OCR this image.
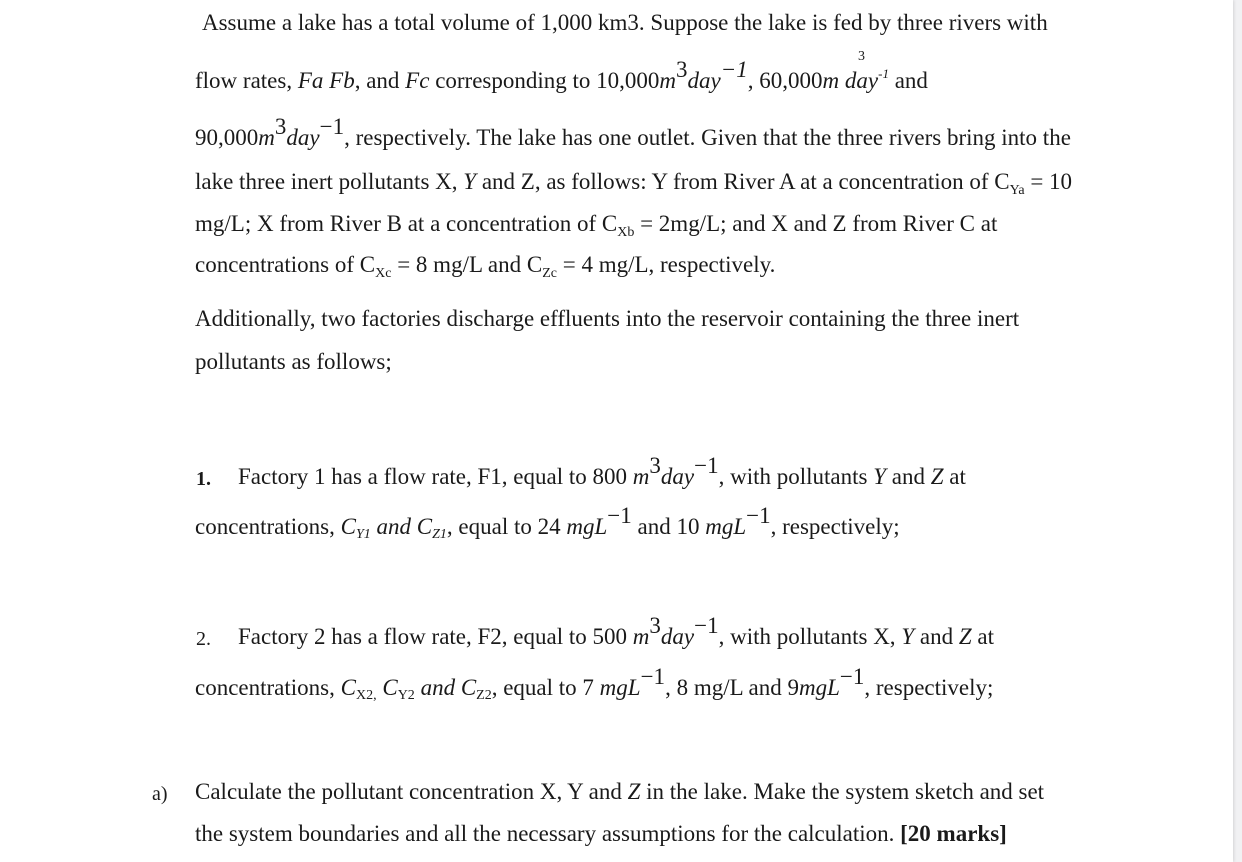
Assume a lake has a total volume of 1,000 km3. Suppose the lake is fed by three rivers with
flow rates, Fa Fb, and Fc corresponding to 10,000m3day−1, 60,000m
3
day$^{-1}$ and
90,000m3day−1, respectively. The lake has one outlet. Given that the three rivers bring into the
lake three inert pollutants X, Y and Z, as follows: Y from River A at a concentration of $C_{Ya} = 10$
mg/L; X from River B at a concentration of $C_{Xb} = 2mg/L$; and X and Z from River C at
concentrations of $C_{Xc} = 8$ mg/L and $C_{Zc} = 4$ mg/L, respectively.
Additionally, two factories discharge effluents into the reservoir containing the three inert
pollutants as follows;
1. Factory 1 has a flow rate, F1, equal to 800 m3day−1, with pollutants Y and Z at
concentrations, CY1 and CZ1, equal to 24 mgL−1 and 10 mgL−1, respectively;
2. Factory 2 has a flow rate, F2, equal to 500 m3day−1, with pollutants X, Y and Z at
concentrations, CX2, CY2 and CZ2, equal to 7 mgL−1, 8 mg/L and 9mgL−1, respectively;
a) Calculate the pollutant concentration X, Y and Z in the lake. Make the system sketch and set
the system boundaries and all the necessary assumptions for the calculation. [20 marks]
